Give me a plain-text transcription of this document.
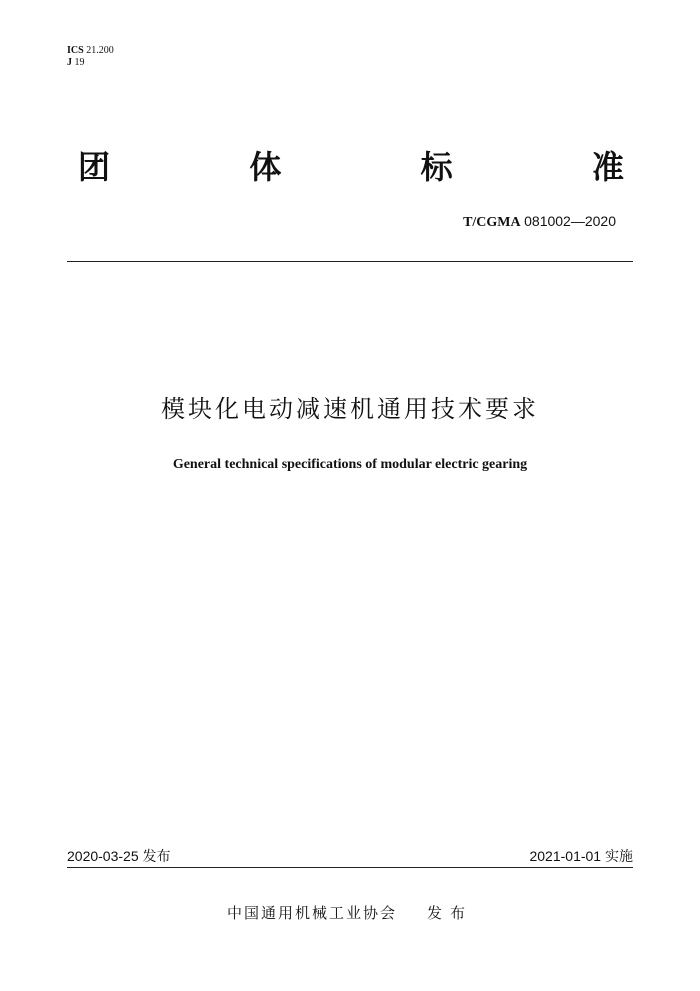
ICS 21.200
J 19
团	体	标	准
T/CGMA 081002—2020
模块化电动减速机通用技术要求
General technical specifications of modular electric gearing
2020-03-25 发布	2021-01-01 实施
中国通用机械工业协会 发布
